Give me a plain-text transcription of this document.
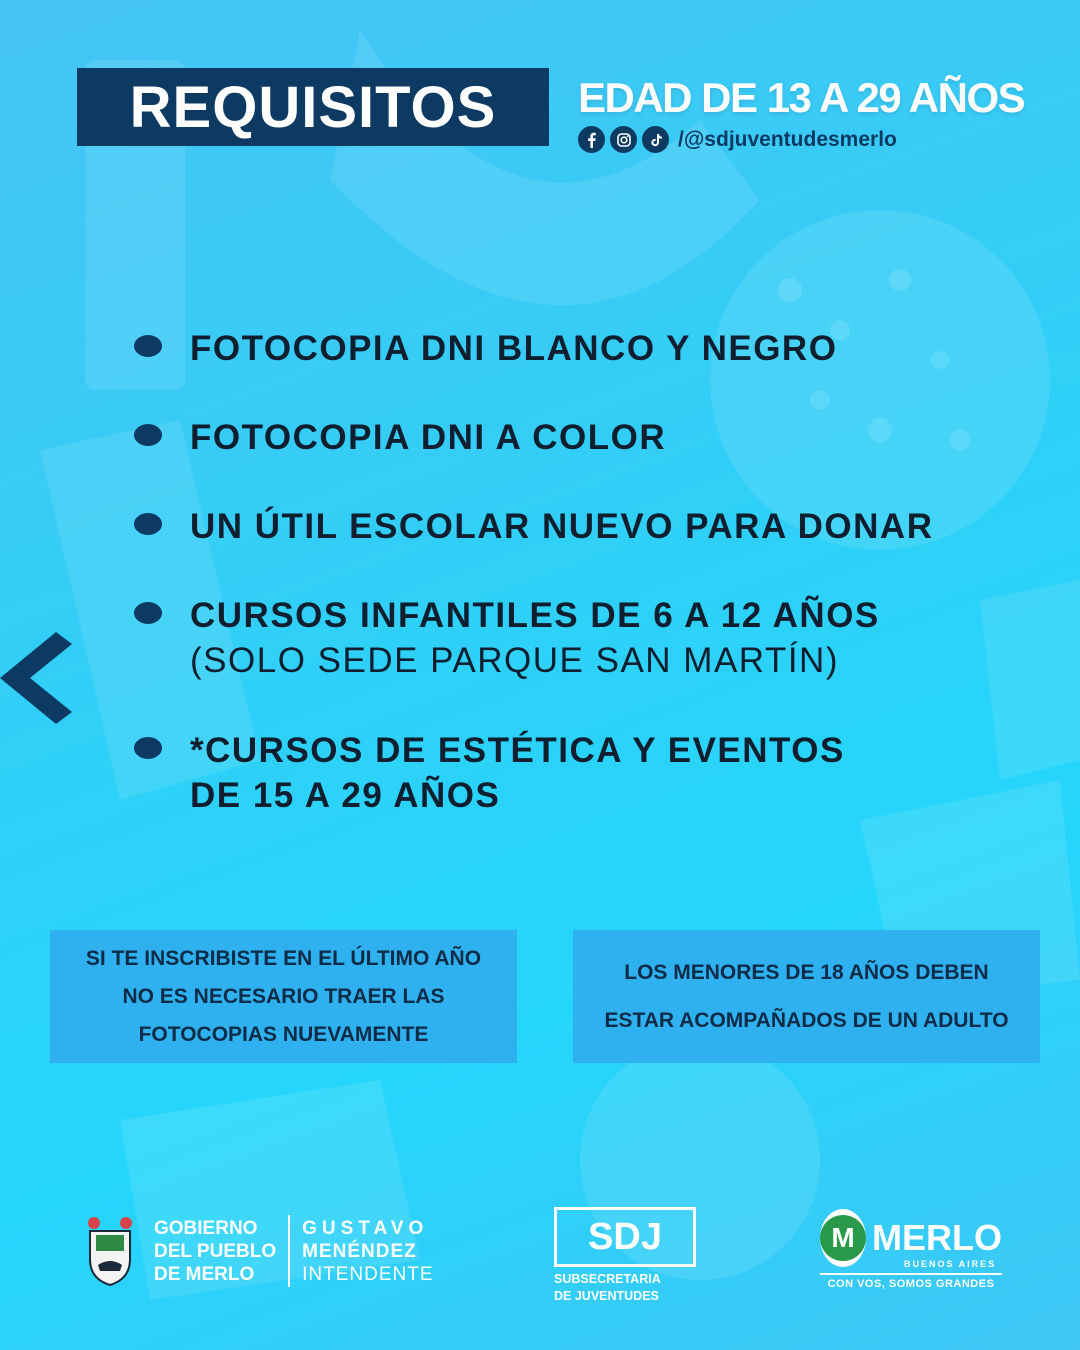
REQUISITOS EDAD DE 13 A 29 AÑOS
/@sdjuventudesmerlo
FOTOCOPIA DNI BLANCO Y NEGRO
FOTOCOPIA DNI A COLOR
UN ÚTIL ESCOLAR NUEVO PARA DONAR
CURSOS INFANTILES DE 6 A 12 AÑOS
(SOLO SEDE PARQUE SAN MARTÍN)
*CURSOS DE ESTÉTICA Y EVENTOS
DE 15 A 29 AÑOS
SI TE INSCRIBISTE EN EL ÚLTIMO AÑO
NO ES NECESARIO TRAER LAS
FOTOCOPIAS NUEVAMENTE
LOS MENORES DE 18 AÑOS DEBEN
ESTAR ACOMPAÑADOS DE UN ADULTO
GOBIERNO
DEL PUEBLO
DE MERLO
GUSTAVO
MENÉNDEZ
INTENDENTE
SDJ
SUBSECRETARIA
DE JUVENTUDES
M MERLO
BUENOS AIRES
CON VOS, SOMOS GRANDES
